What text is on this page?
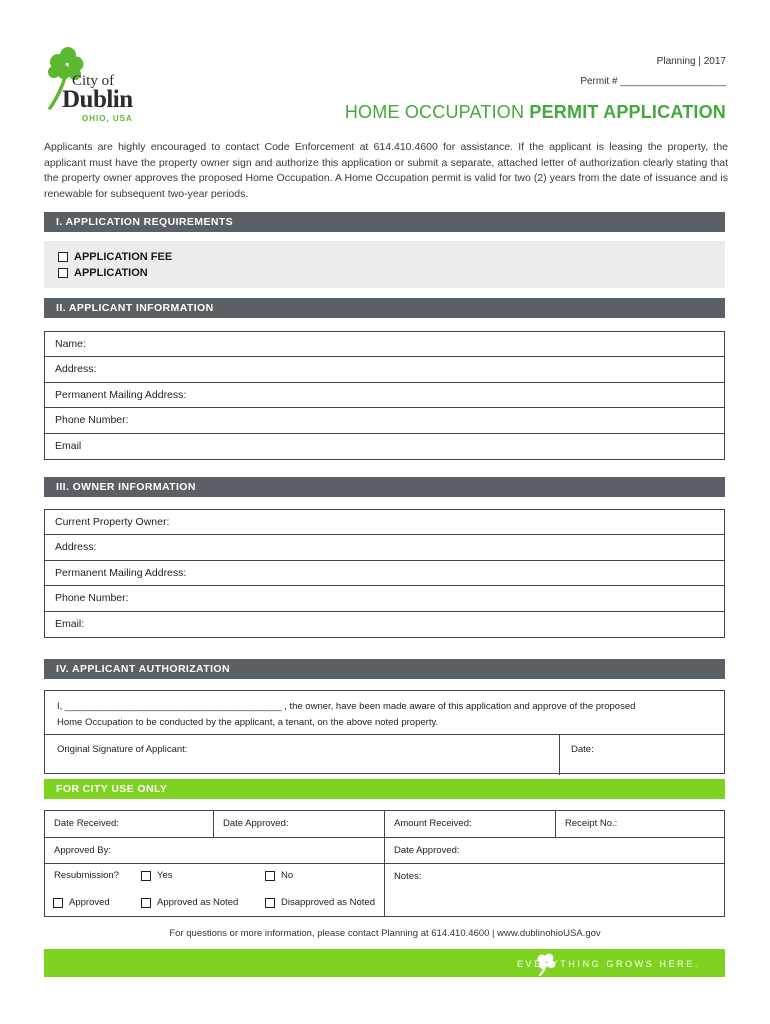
City of
Dublin
OHIO, USA
Planning | 2017
Permit # ___________________
HOME OCCUPATION PERMIT APPLICATION
Applicants are highly encouraged to contact Code Enforcement at 614.410.4600 for assistance. If the applicant is leasing the property, the applicant must have the property owner sign and authorize this application or submit a separate, attached letter of authorization clearly stating that the property owner approves the proposed Home Occupation. A Home Occupation permit is valid for two (2) years from the date of issuance and is renewable for subsequent two-year periods.
I. APPLICATION REQUIREMENTS
APPLICATION FEE
APPLICATION
II. APPLICANT INFORMATION
Name:
Address:
Permanent Mailing Address:
Phone Number:
Email
III. OWNER INFORMATION
Current Property Owner:
Address:
Permanent Mailing Address:
Phone Number:
Email:
IV. APPLICANT AUTHORIZATION
I, _________________________________________ , the owner, have been made aware of this application and approve of the proposed
Home Occupation to be conducted by the applicant, a tenant, on the above noted property.
Original Signature of Applicant:	Date:
FOR CITY USE ONLY
Date Received:	Date Approved:	Amount Received:	Receipt No.:
Approved By:	Date Approved:
Notes:
Resubmission?	Yes	No
Approved	Approved as Noted	Disapproved as Noted
For questions or more information, please contact Planning at 614.410.4600 | www.dublinohioUSA.gov
EVERYTHING GROWS HERE.
